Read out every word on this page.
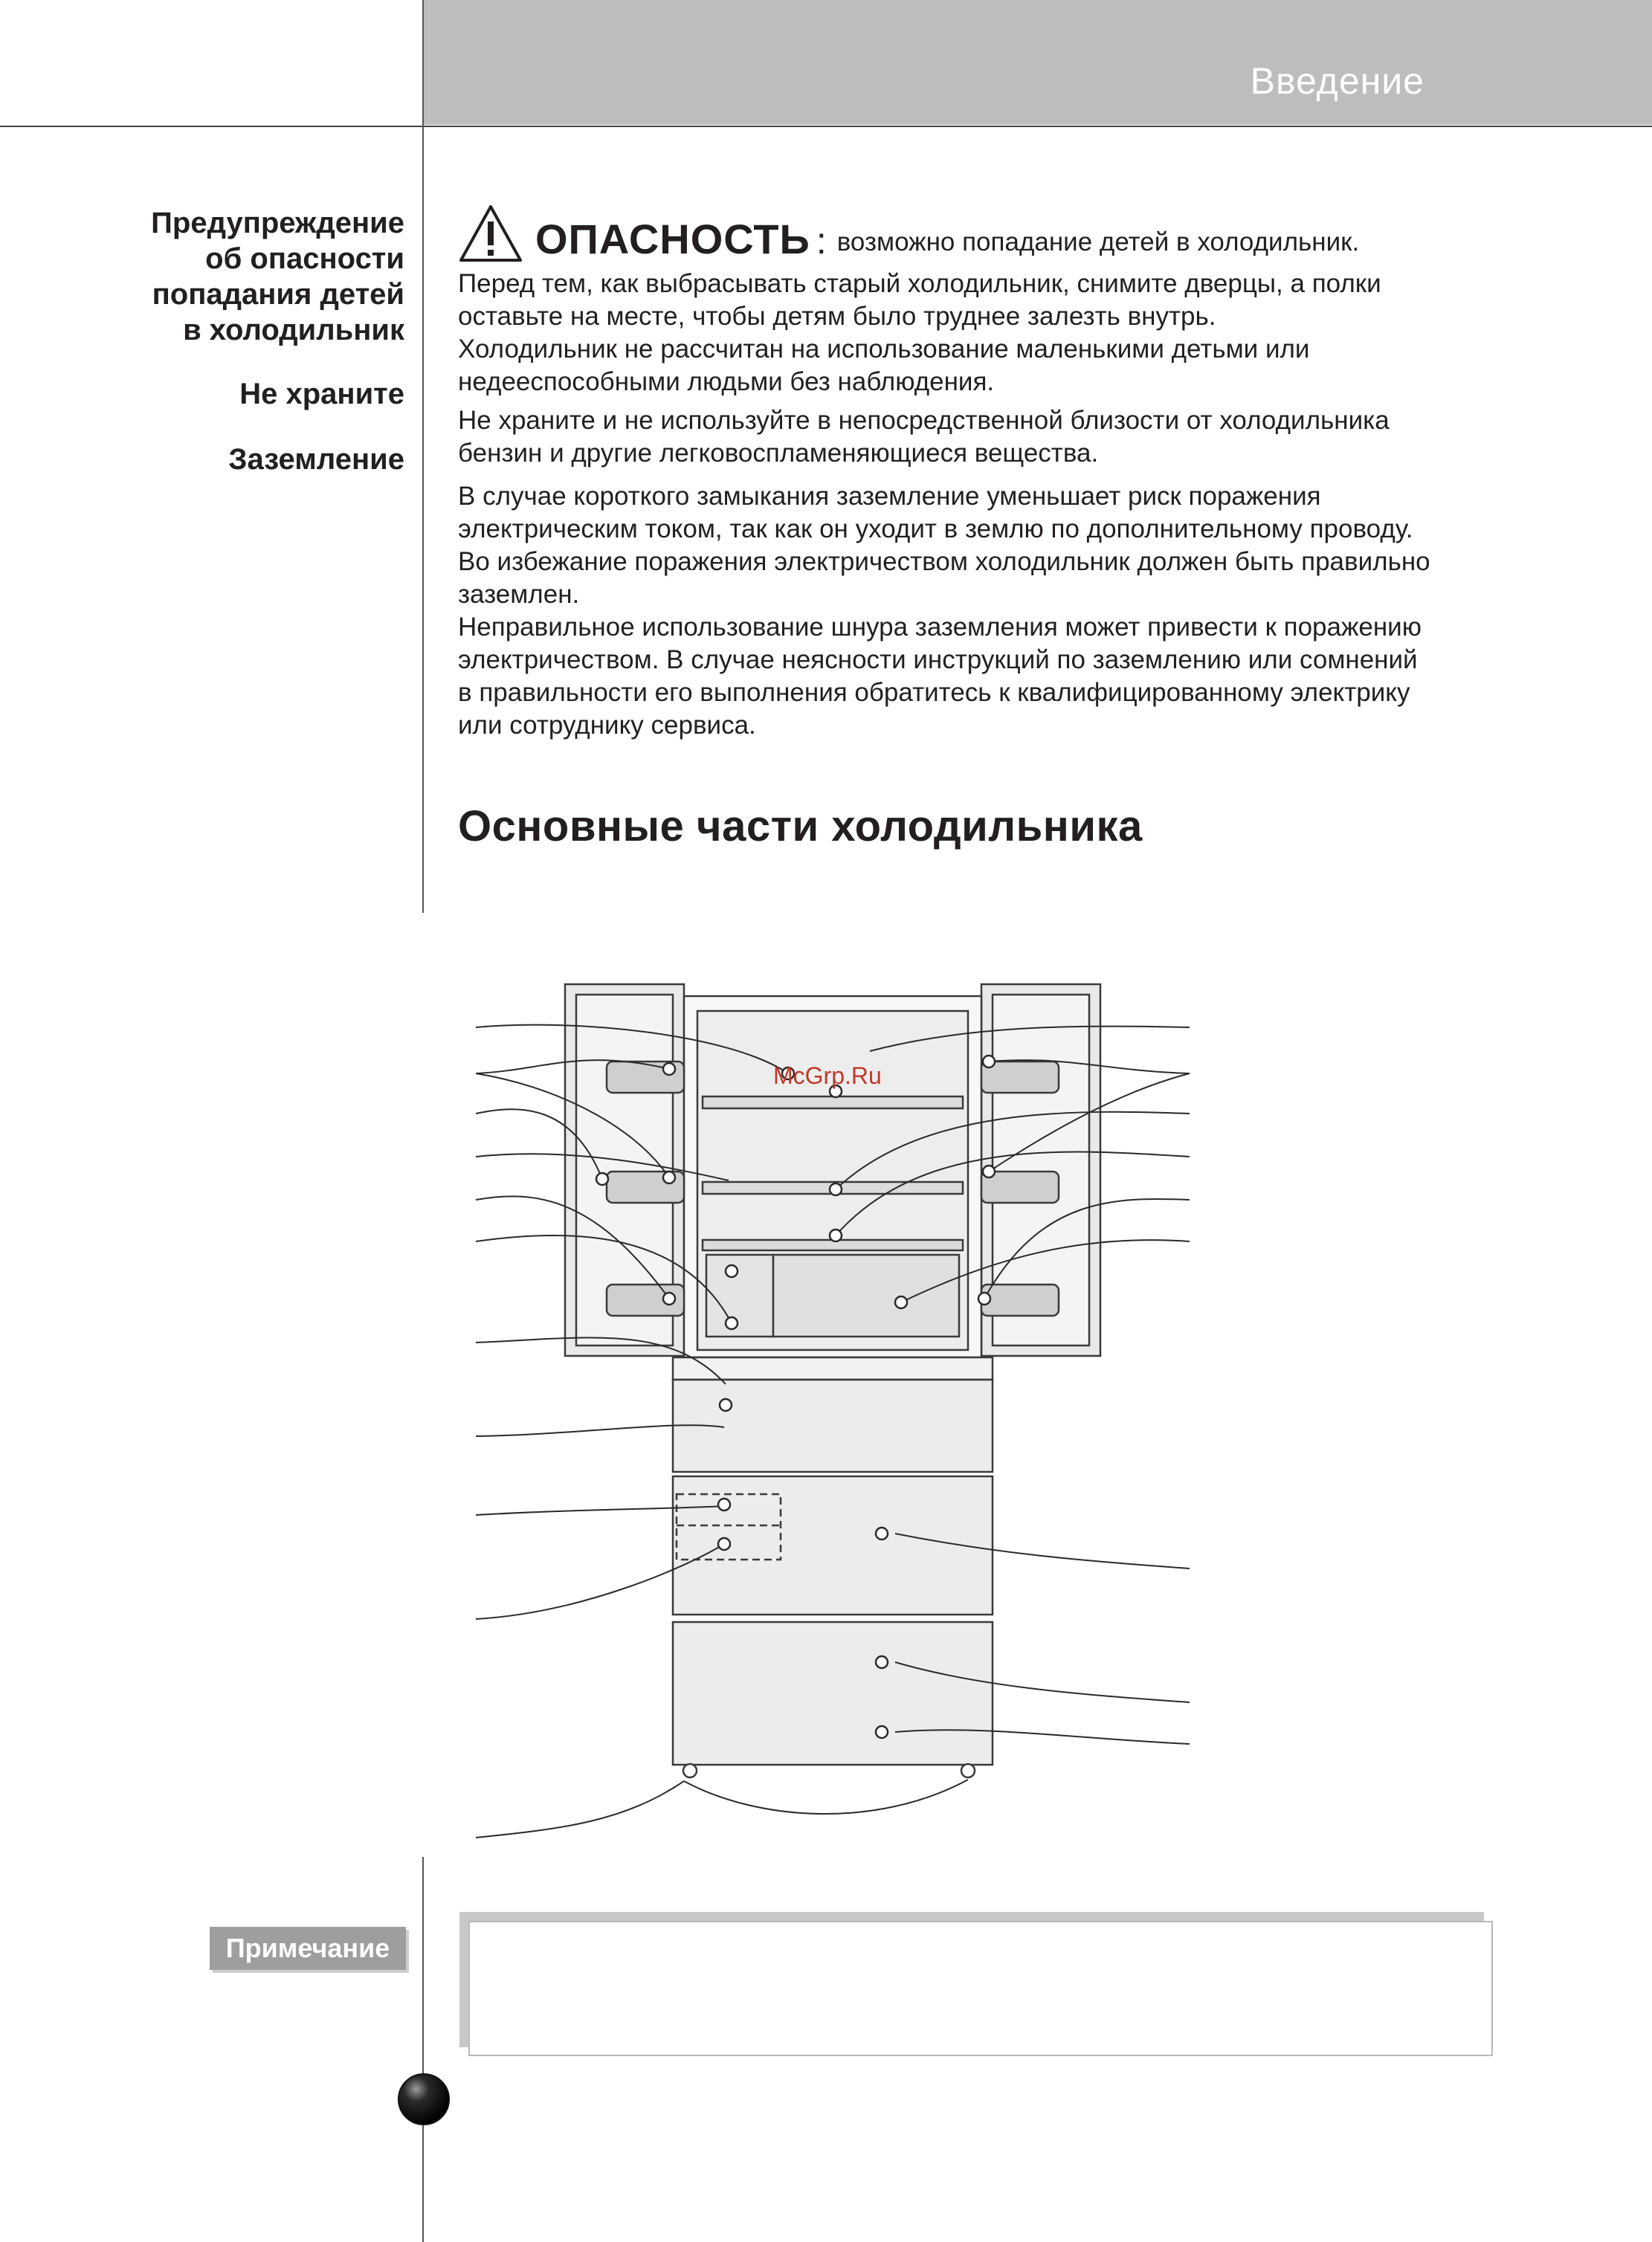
Введение
Предупреждение
об опасности
попадания детей
в холодильник
Не храните
Заземление
ОПАСНОСТЬ : возможно попадание детей в холодильник.
Перед тем, как выбрасывать старый холодильник, снимите дверцы, а полки
оставьте на месте, чтобы детям было труднее залезть внутрь.
Холодильник не рассчитан на использование маленькими детьми или
недееспособными людьми без наблюдения.
Не храните и не используйте в непосредственной близости от холодильника
бензин и другие легковоспламеняющиеся вещества.
В случае короткого замыкания заземление уменьшает риск поражения
электрическим током, так как он уходит в землю по дополнительному проводу.
Во избежание поражения электричеством холодильник должен быть правильно
заземлен.
Неправильное использование шнура заземления может привести к поражению
электричеством. В случае неясности инструкций по заземлению или сомнений
в правильности его выполнения обратитесь к квалифицированному электрику
или сотруднику сервиса.
Основные части холодильника
McGrp.Ru
Примечание
